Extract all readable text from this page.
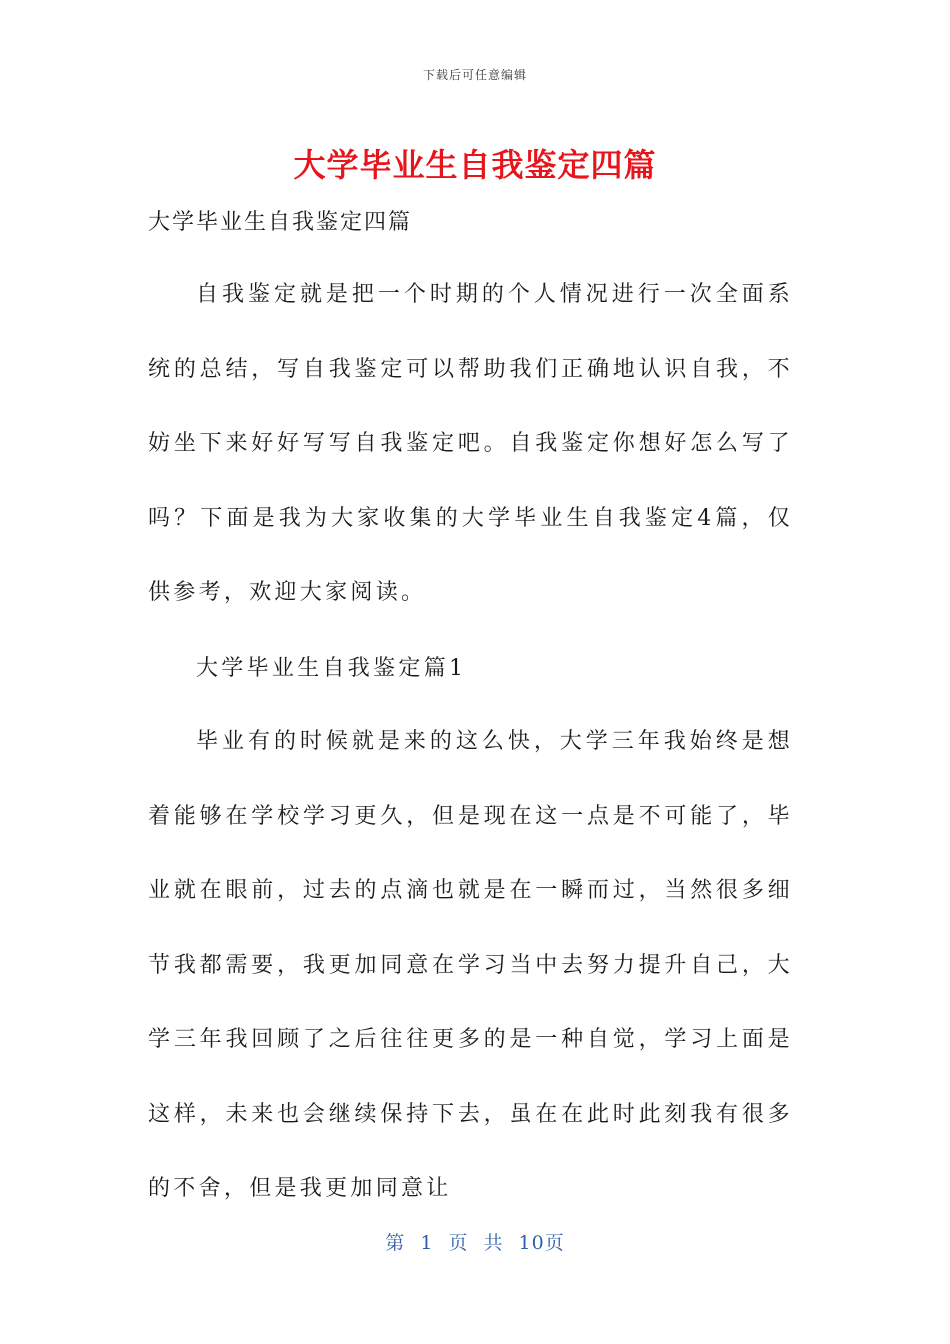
下载后可任意编辑
大学毕业生自我鉴定四篇
大学毕业生自我鉴定四篇

自我鉴定就是把一个时期的个人情况进行一次全面系统的总结，写自我鉴定可以帮助我们正确地认识自我，不妨坐下来好好写写自我鉴定吧。自我鉴定你想好怎么写了吗？下面是我为大家收集的大学毕业生自我鉴定4篇，仅供参考，欢迎大家阅读。

大学毕业生自我鉴定篇1

毕业有的时候就是来的这么快，大学三年我始终是想着能够在学校学习更久，但是现在这一点是不可能了，毕业就在眼前，过去的点滴也就是在一瞬而过，当然很多细节我都需要，我更加同意在学习当中去努力提升自己，大学三年我回顾了之后往往更多的是一种自觉，学习上面是这样，未来也会继续保持下去，虽在在此时此刻我有很多的不舍，但是我更加同意让

第 1 页 共 10页
